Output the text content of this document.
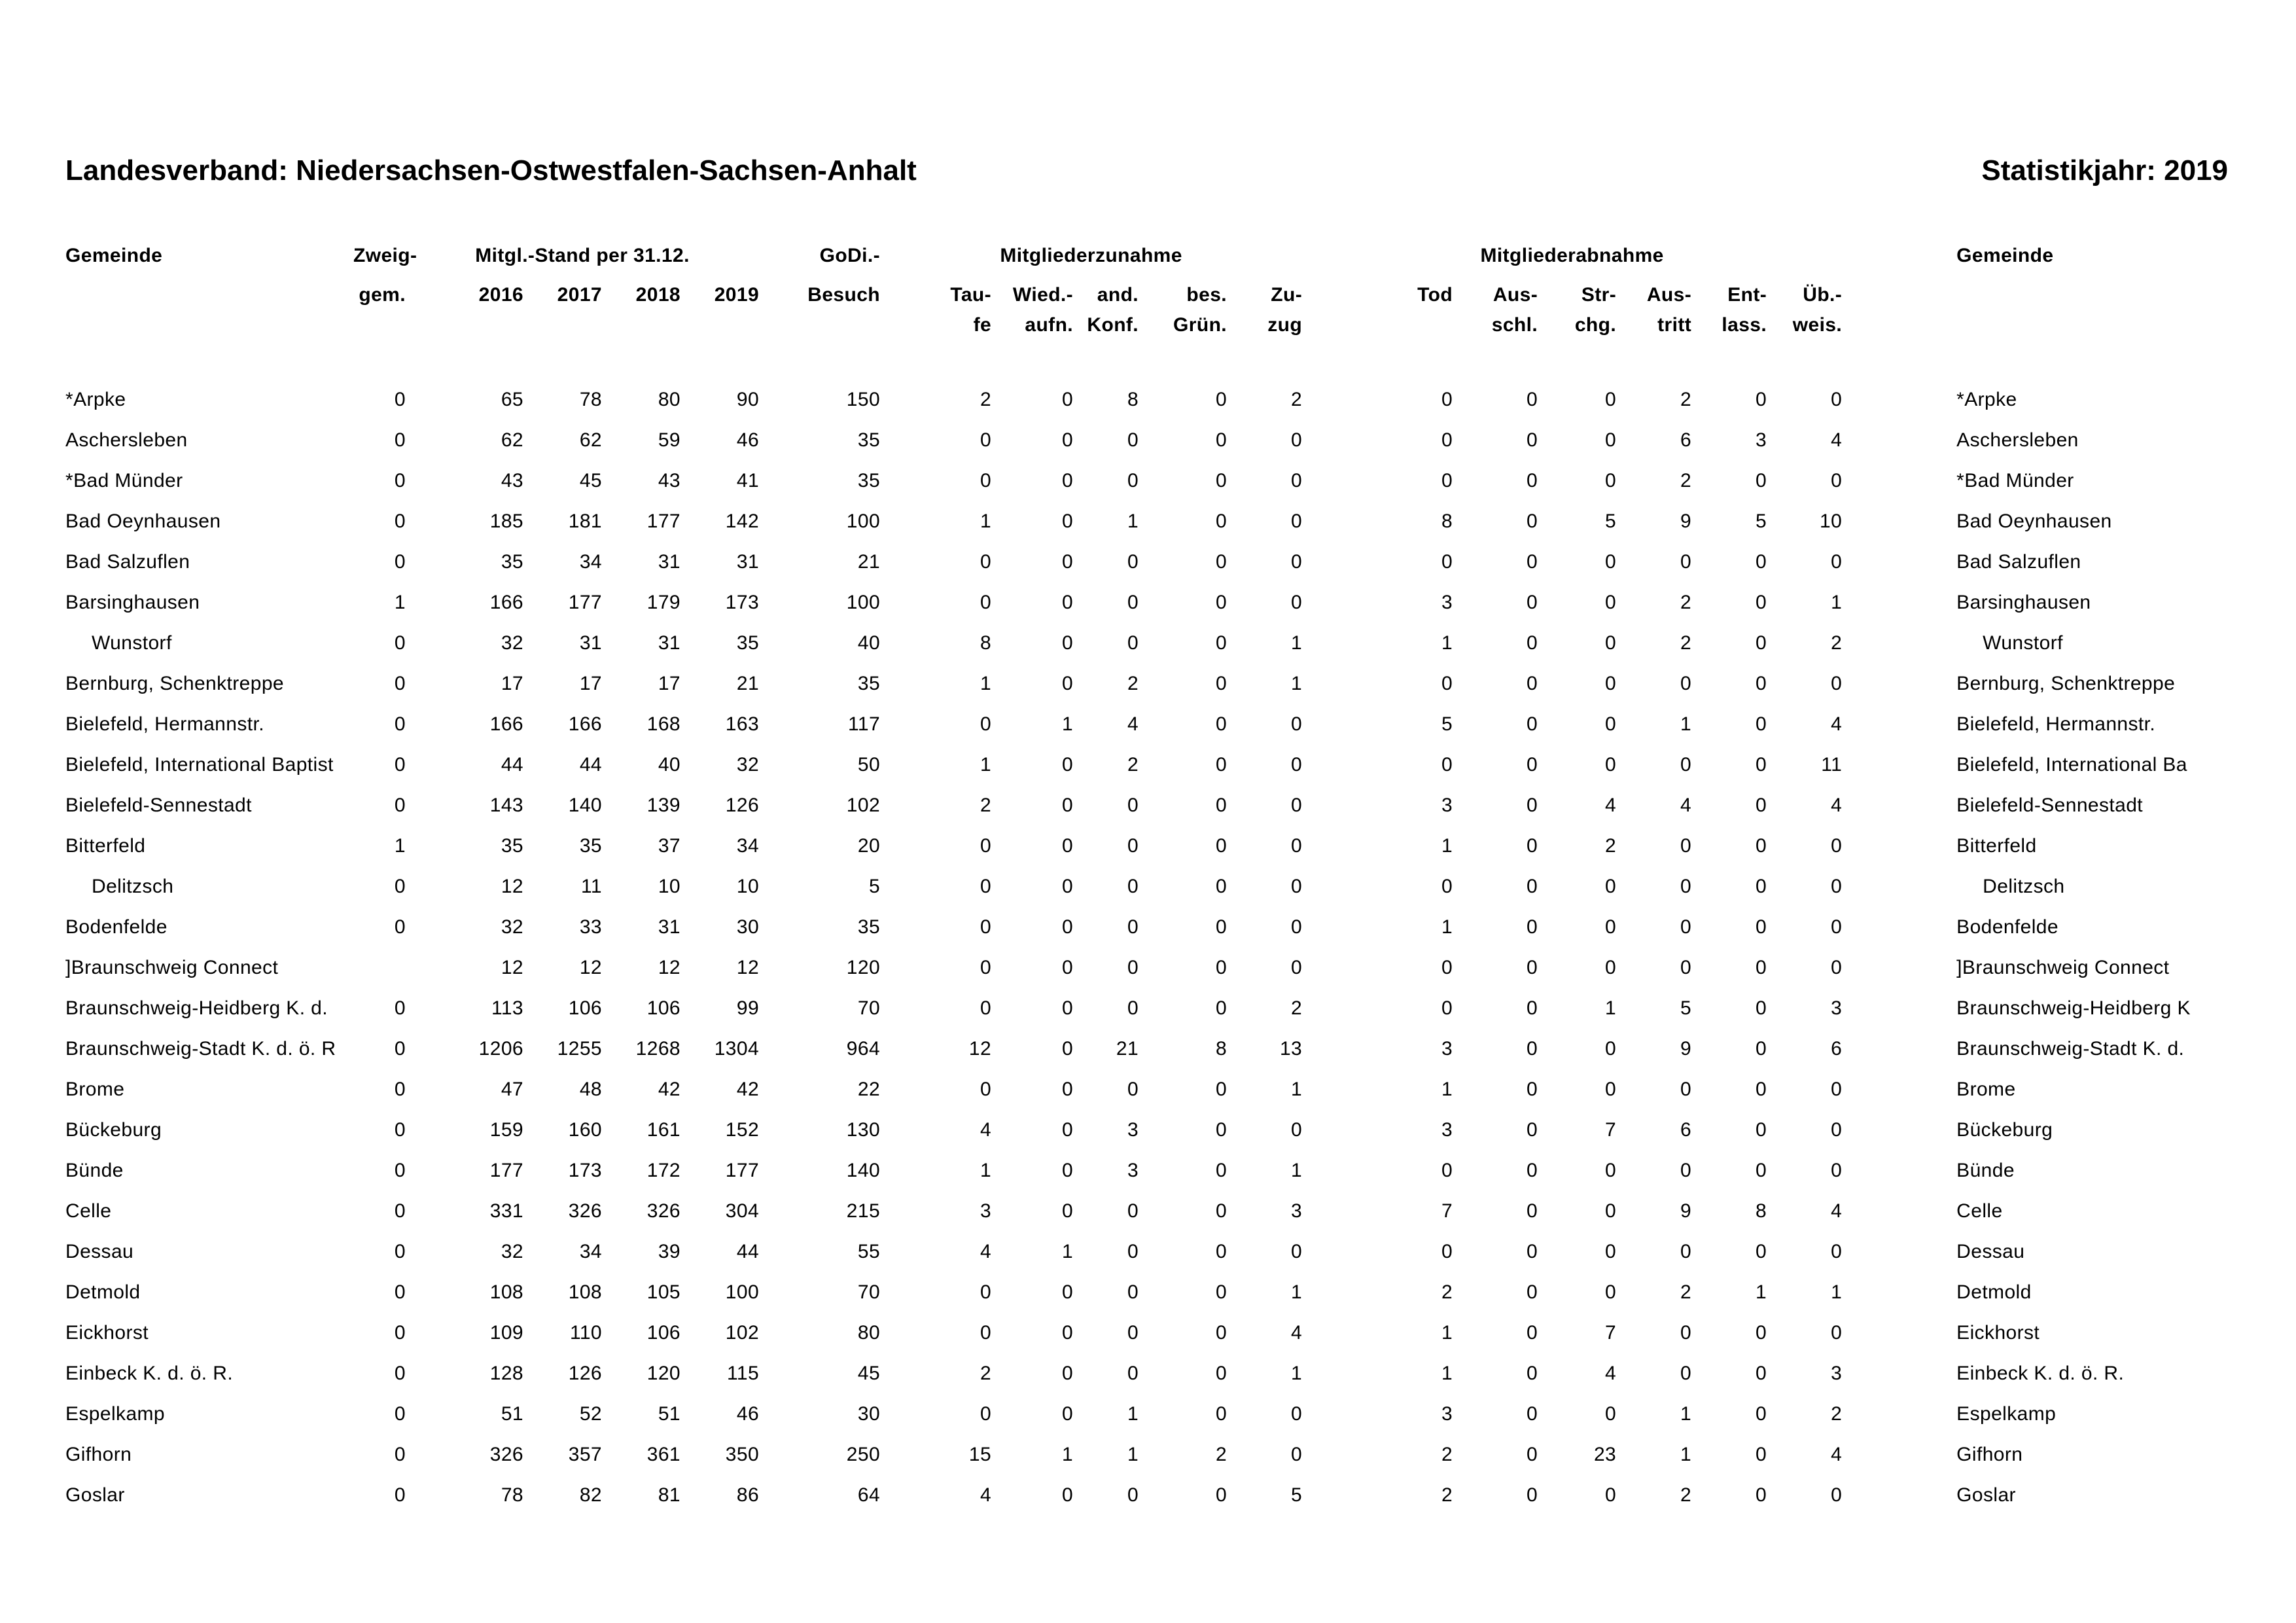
Landesverband: Niedersachsen-Ostwestfalen-Sachsen-Anhalt	Statistikjahr: 2019
Gemeinde	Zweig-	Mitgl.-Stand per 31.12.				GoDi.-	Mitgliederzunahme					Mitgliederabnahme							Gemeinde
	gem.	2016	2017	2018	2019	Besuch	Tau-	Wied.-	and.	bes.	Zu-	Tod	Aus-	Str-	Aus-	Ent-	Üb.-		
							fe	aufn.	Konf.	Grün.	zug		schl.	chg.	tritt	lass.	weis.		

*Arpke	0	65	78	80	90	150	2	0	8	0	2	0	0	0	2	0	0		*Arpke
Aschersleben	0	62	62	59	46	35	0	0	0	0	0	0	0	0	6	3	4		Aschersleben
*Bad Münder	0	43	45	43	41	35	0	0	0	0	0	0	0	0	2	0	0		*Bad Münder
Bad Oeynhausen	0	185	181	177	142	100	1	0	1	0	0	8	0	5	9	5	10		Bad Oeynhausen
Bad Salzuflen	0	35	34	31	31	21	0	0	0	0	0	0	0	0	0	0	0		Bad Salzuflen
Barsinghausen	1	166	177	179	173	100	0	0	0	0	0	3	0	0	2	0	1		Barsinghausen
Wunstorf	0	32	31	31	35	40	8	0	0	0	1	1	0	0	2	0	2		Wunstorf
Bernburg, Schenktreppe	0	17	17	17	21	35	1	0	2	0	1	0	0	0	0	0	0		Bernburg, Schenktreppe
Bielefeld, Hermannstr.	0	166	166	168	163	117	0	1	4	0	0	5	0	0	1	0	4		Bielefeld, Hermannstr.
Bielefeld, International Baptist	0	44	44	40	32	50	1	0	2	0	0	0	0	0	0	0	11		Bielefeld, International Ba
Bielefeld-Sennestadt	0	143	140	139	126	102	2	0	0	0	0	3	0	4	4	0	4		Bielefeld-Sennestadt
Bitterfeld	1	35	35	37	34	20	0	0	0	0	0	1	0	2	0	0	0		Bitterfeld
Delitzsch	0	12	11	10	10	5	0	0	0	0	0	0	0	0	0	0	0		Delitzsch
Bodenfelde	0	32	33	31	30	35	0	0	0	0	0	1	0	0	0	0	0		Bodenfelde
]Braunschweig Connect		12	12	12	12	120	0	0	0	0	0	0	0	0	0	0	0		]Braunschweig Connect
Braunschweig-Heidberg K. d.	0	113	106	106	99	70	0	0	0	0	2	0	0	1	5	0	3		Braunschweig-Heidberg K
Braunschweig-Stadt K. d. ö. R	0	1206	1255	1268	1304	964	12	0	21	8	13	3	0	0	9	0	6		Braunschweig-Stadt K. d.
Brome	0	47	48	42	42	22	0	0	0	0	1	1	0	0	0	0	0		Brome
Bückeburg	0	159	160	161	152	130	4	0	3	0	0	3	0	7	6	0	0		Bückeburg
Bünde	0	177	173	172	177	140	1	0	3	0	1	0	0	0	0	0	0		Bünde
Celle	0	331	326	326	304	215	3	0	0	0	3	7	0	0	9	8	4		Celle
Dessau	0	32	34	39	44	55	4	1	0	0	0	0	0	0	0	0	0		Dessau
Detmold	0	108	108	105	100	70	0	0	0	0	1	2	0	0	2	1	1		Detmold
Eickhorst	0	109	110	106	102	80	0	0	0	0	4	1	0	7	0	0	0		Eickhorst
Einbeck K. d. ö. R.	0	128	126	120	115	45	2	0	0	0	1	1	0	4	0	0	3		Einbeck K. d. ö. R.
Espelkamp	0	51	52	51	46	30	0	0	1	0	0	3	0	0	1	0	2		Espelkamp
Gifhorn	0	326	357	361	350	250	15	1	1	2	0	2	0	23	1	0	4		Gifhorn
Goslar	0	78	82	81	86	64	4	0	0	0	5	2	0	0	2	0	0		Goslar
